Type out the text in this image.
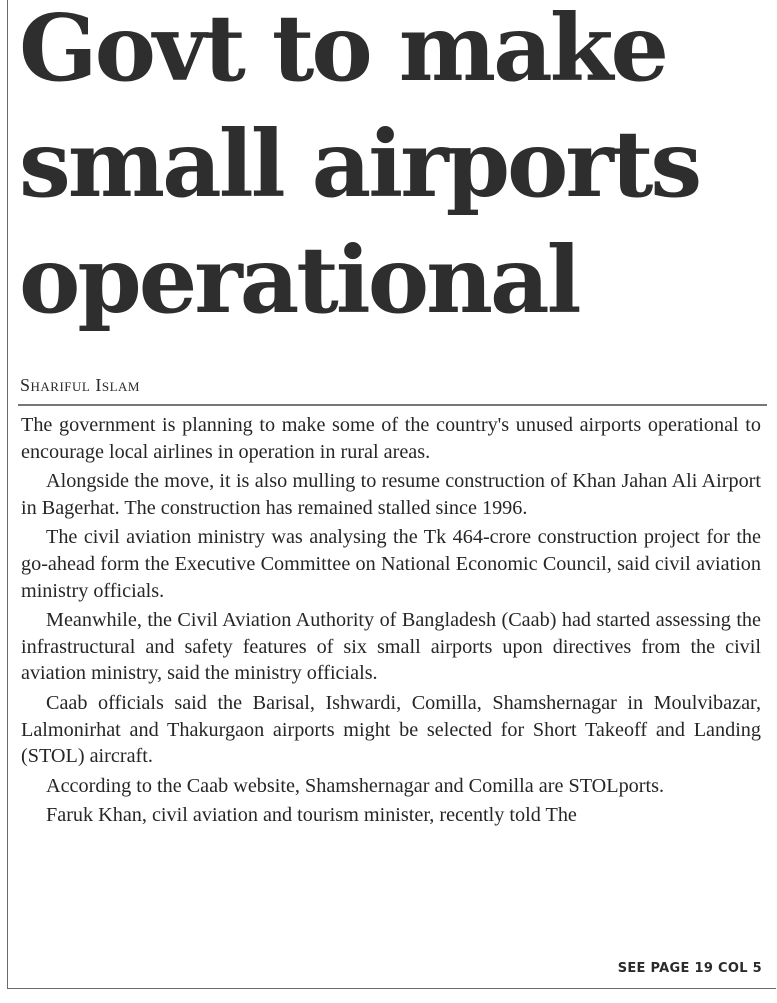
Govt to make
small airports
operational

Shariful Islam

The government is planning to make some of the country's unused airports operational to encourage local airlines in operation in rural areas.

Alongside the move, it is also mulling to resume construction of Khan Jahan Ali Airport in Bagerhat. The construction has remained stalled since 1996.

The civil aviation ministry was analysing the Tk 464-crore construction project for the go-ahead form the Executive Committee on National Economic Council, said civil aviation ministry officials.

Meanwhile, the Civil Aviation Authority of Bangladesh (Caab) had started assessing the infrastructural and safety features of six small airports upon directives from the civil aviation ministry, said the ministry officials.

Caab officials said the Barisal, Ishwardi, Comilla, Shamshernagar in Moulvibazar, Lalmonirhat and Thakurgaon airports might be selected for Short Takeoff and Landing (STOL) aircraft.

According to the Caab website, Shamshernagar and Comilla are STOLports.

Faruk Khan, civil aviation and tourism minister, recently told The

SEE PAGE 19 COL 5
